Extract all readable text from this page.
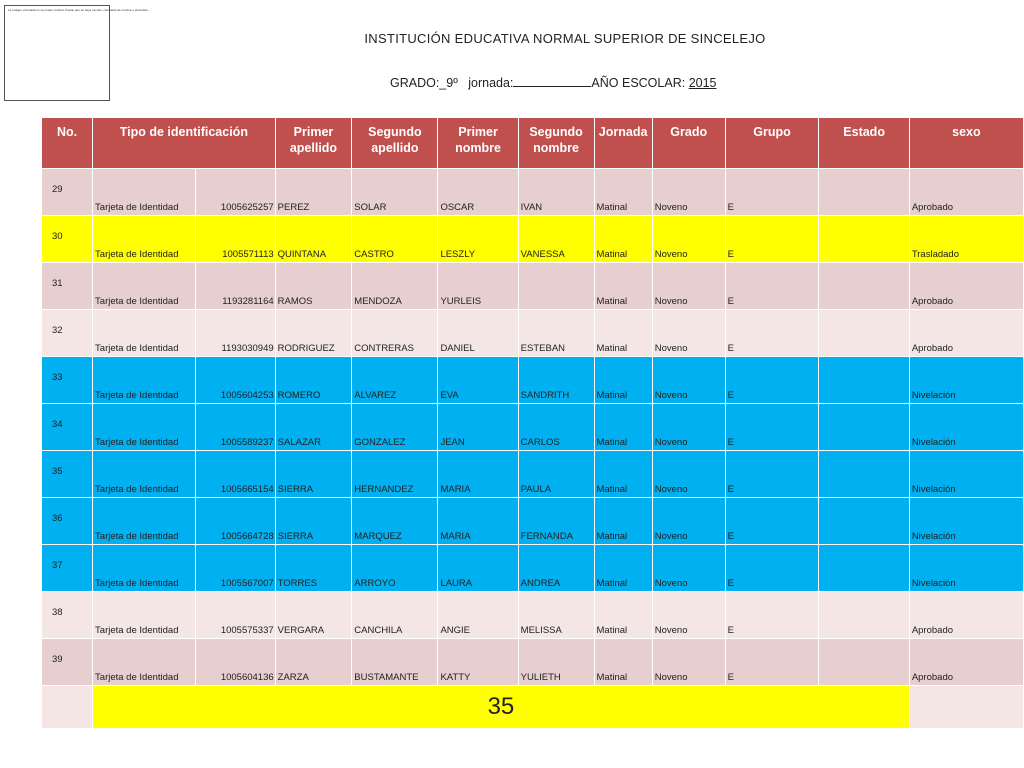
La imagen vinculada no se puede mostrar. Puede que se haya movido, cambiado de nombre o eliminado.
INSTITUCIÓN EDUCATIVA NORMAL SUPERIOR DE SINCELEJO
GRADO:_9º jornada:	AÑO ESCOLAR: 2015
No.	Tipo de identificación		Primer apellido	Segundo apellido	Primer nombre	Segundo nombre	Jornada	Grado	Grupo	Estado	sexo
29	Tarjeta de Identidad	1005625257	PEREZ	SOLAR	OSCAR	IVAN	Matinal	Noveno	E		Aprobado
30	Tarjeta de Identidad	1005571113	QUINTANA	CASTRO	LESZLY	VANESSA	Matinal	Noveno	E		Trasladado
31	Tarjeta de Identidad	1193281164	RAMOS	MENDOZA	YURLEIS		Matinal	Noveno	E		Aprobado
32	Tarjeta de Identidad	1193030949	RODRIGUEZ	CONTRERAS	DANIEL	ESTEBAN	Matinal	Noveno	E		Aprobado
33	Tarjeta de Identidad	1005604253	ROMERO	ALVAREZ	EVA	SANDRITH	Matinal	Noveno	E		Nivelación
34	Tarjeta de Identidad	1005589237	SALAZAR	GONZALEZ	JEAN	CARLOS	Matinal	Noveno	E		Nivelación
35	Tarjeta de Identidad	1005665154	SIERRA	HERNANDEZ	MARIA	PAULA	Matinal	Noveno	E		Nivelación
36	Tarjeta de Identidad	1005664728	SIERRA	MARQUEZ	MARIA	FERNANDA	Matinal	Noveno	E		Nivelación
37	Tarjeta de Identidad	1005567007	TORRES	ARROYO	LAURA	ANDREA	Matinal	Noveno	E		Nivelación
38	Tarjeta de Identidad	1005575337	VERGARA	CANCHILA	ANGIE	MELISSA	Matinal	Noveno	E		Aprobado
39	Tarjeta de Identidad	1005604136	ZARZA	BUSTAMANTE	KATTY	YULIETH	Matinal	Noveno	E		Aprobado
	35										
